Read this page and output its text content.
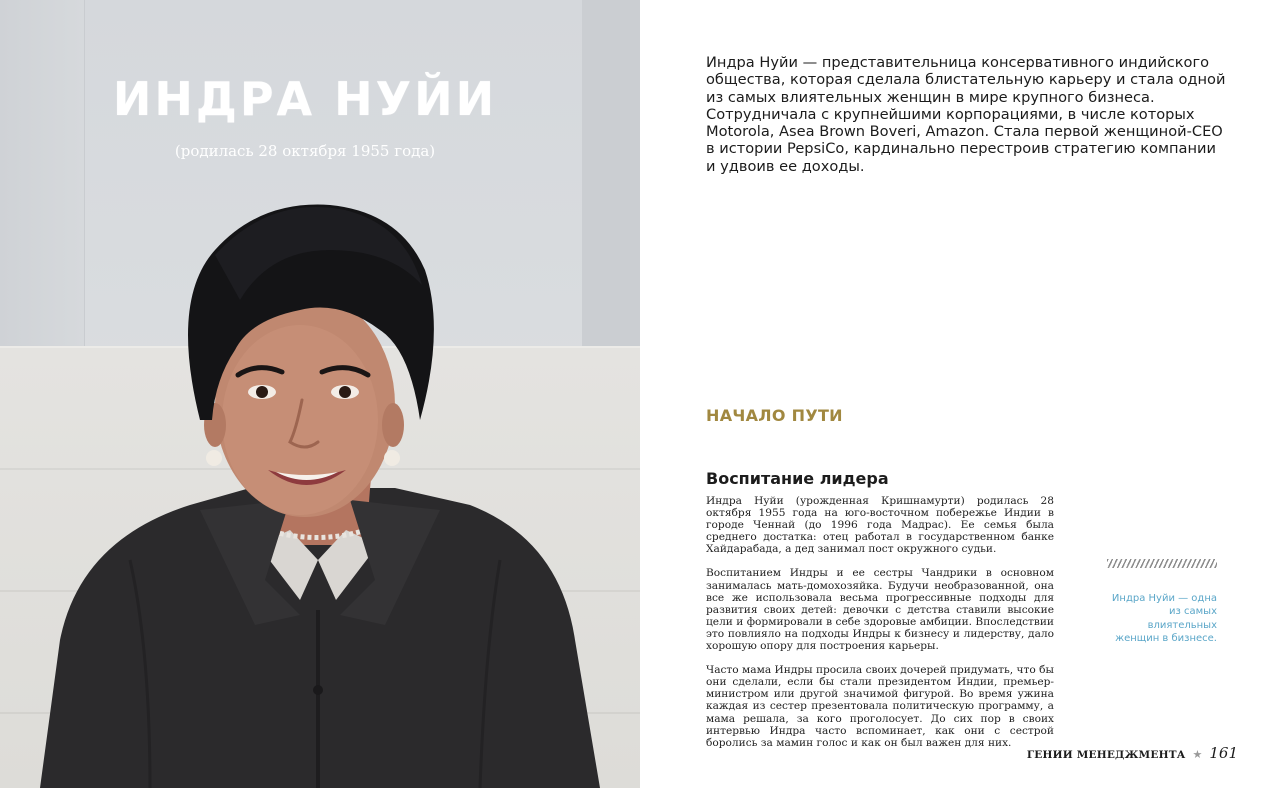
ИНДРА НУЙИ
(родилась 28 октября 1955 года)

Индра Нуйи — представительница консервативного индийского общества, которая сделала блистательную карьеру и стала одной из самых влиятельных женщин в мире крупного бизнеса. Сотрудничала с крупнейшими корпорациями, в числе которых Motorola, Asea Brown Boveri, Amazon. Стала первой женщиной-CEO в истории PepsiCo, кардинально перестроив стратегию компании и удвоив ее доходы.

НАЧАЛО ПУТИ
Воспитание лидера

Индра Нуйи (урожденная Кришнамурти) родилась 28 октября 1955 года на юго-восточном побережье Индии в городе Ченнай (до 1996 года Мадрас). Ее семья была среднего достатка: отец работал в государственном банке Хайдарабада, а дед занимал пост окружного судьи.

Воспитанием Индры и ее сестры Чандрики в основном занималась мать-домохозяйка. Будучи необразованной, она все же использовала весьма прогрессивные подходы для развития своих детей: девочки с детства ставили высокие цели и формировали в себе здоровые амбиции. Впоследствии это повлияло на подходы Индры к бизнесу и лидерству, дало хорошую опору для построения карьеры.

Часто мама Индры просила своих дочерей придумать, что бы они сделали, если бы стали президентом Индии, премьер-министром или другой значимой фигурой. Во время ужина каждая из сестер презентовала политическую программу, а мама решала, за кого проголосует. До сих пор в своих интервью Индра часто вспоминает, как они с сестрой боролись за мамин голос и как он был важен для них.

Индра Нуйи — одна из самых влиятельных женщин в бизнесе.

ГЕНИИ МЕНЕДЖМЕНТА ★ 161
